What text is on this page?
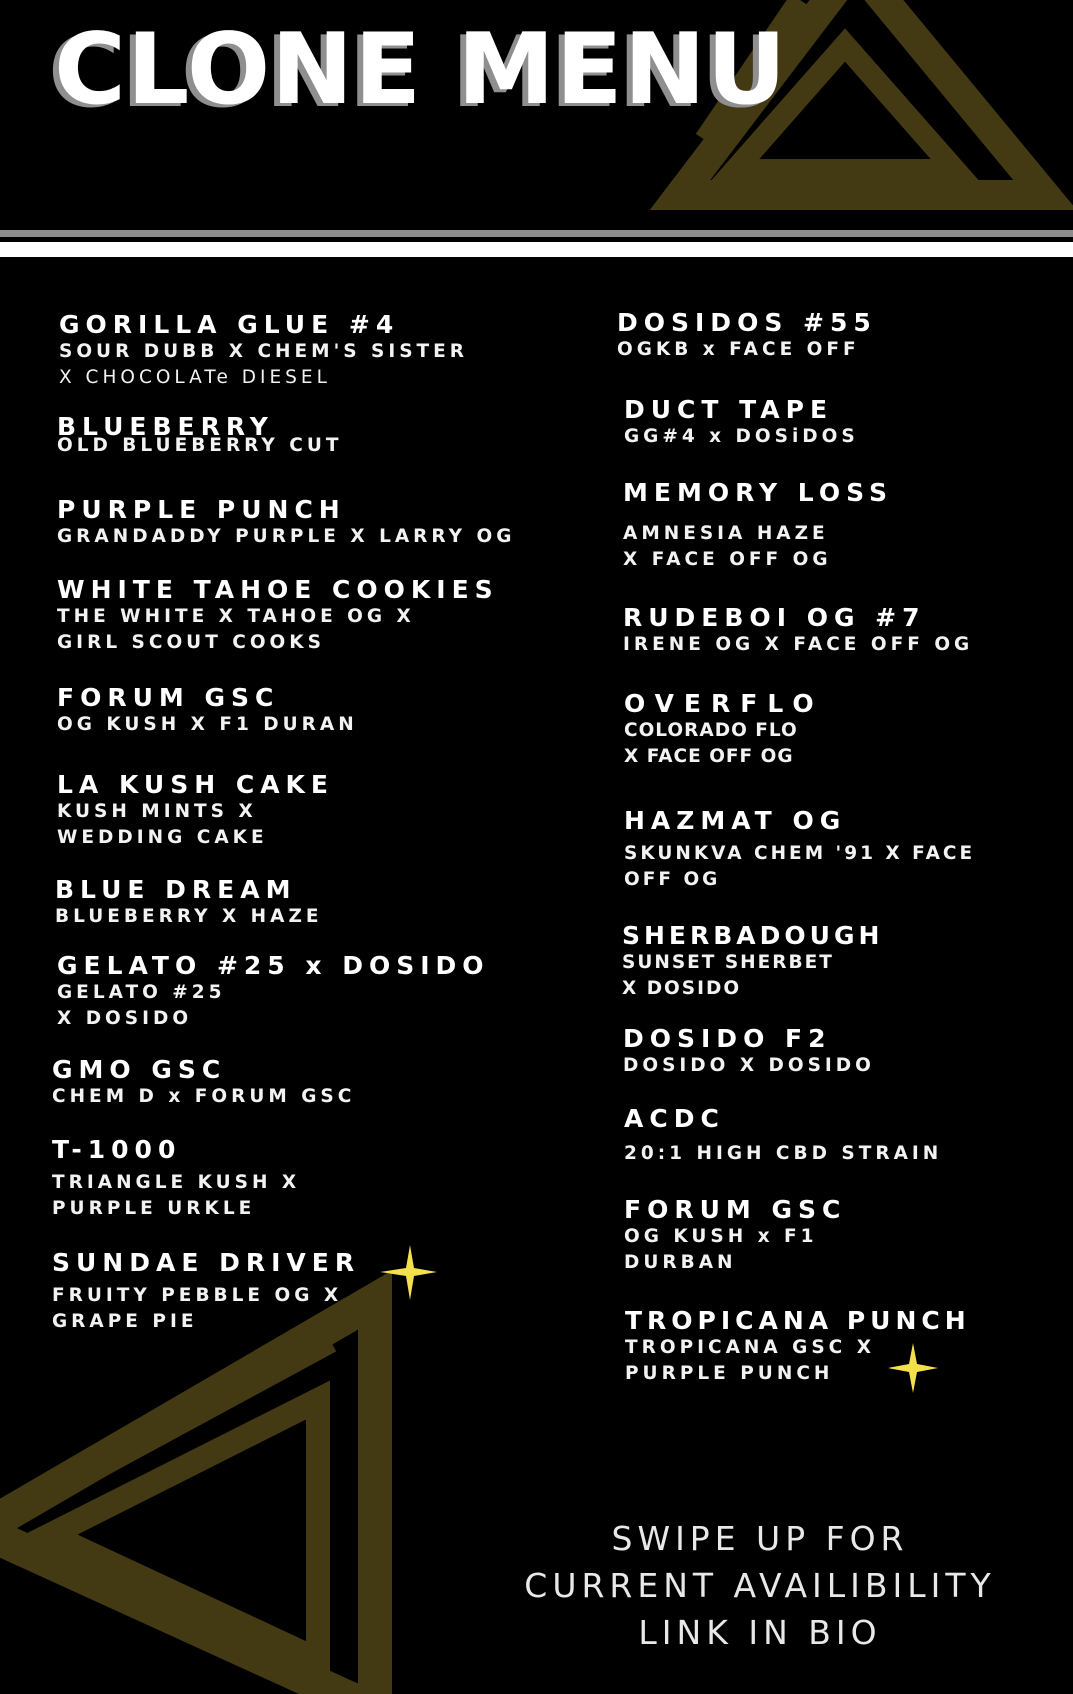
CLONE MENU
GORILLA GLUE #4
SOUR DUBB X CHEM'S SISTER
X CHOCOLATe DIESEL
BLUEBERRY
OLD BLUEBERRY CUT
PURPLE PUNCH
GRANDADDY PURPLE X LARRY OG
WHITE TAHOE COOKIES
THE WHITE X TAHOE OG X
GIRL SCOUT COOKS
FORUM GSC
OG KUSH X F1 DURAN
LA KUSH CAKE
KUSH MINTS X
WEDDING CAKE
BLUE DREAM
BLUEBERRY X HAZE
GELATO #25 x DOSIDO
GELATO #25
X DOSIDO
GMO GSC
CHEM D x FORUM GSC
T-1000
TRIANGLE KUSH X
PURPLE URKLE
SUNDAE DRIVER
FRUITY PEBBLE OG X
GRAPE PIE
DOSIDOS #55
OGKB x FACE OFF
DUCT TAPE
GG#4 x DOSiDOS
MEMORY LOSS
AMNESIA HAZE
X FACE OFF OG
RUDEBOI OG #7
IRENE OG X FACE OFF OG
OVERFLO
COLORADO FLO
X FACE OFF OG
HAZMAT OG
SKUNKVA CHEM '91 X FACE
OFF OG
SHERBADOUGH
SUNSET SHERBET
X DOSIDO
DOSIDO F2
DOSIDO X DOSIDO
ACDC
20:1 HIGH CBD STRAIN
FORUM GSC
OG KUSH x F1
DURBAN
TROPICANA PUNCH
TROPICANA GSC X
PURPLE PUNCH
SWIPE UP FOR
CURRENT AVAILIBILITY
LINK IN BIO
